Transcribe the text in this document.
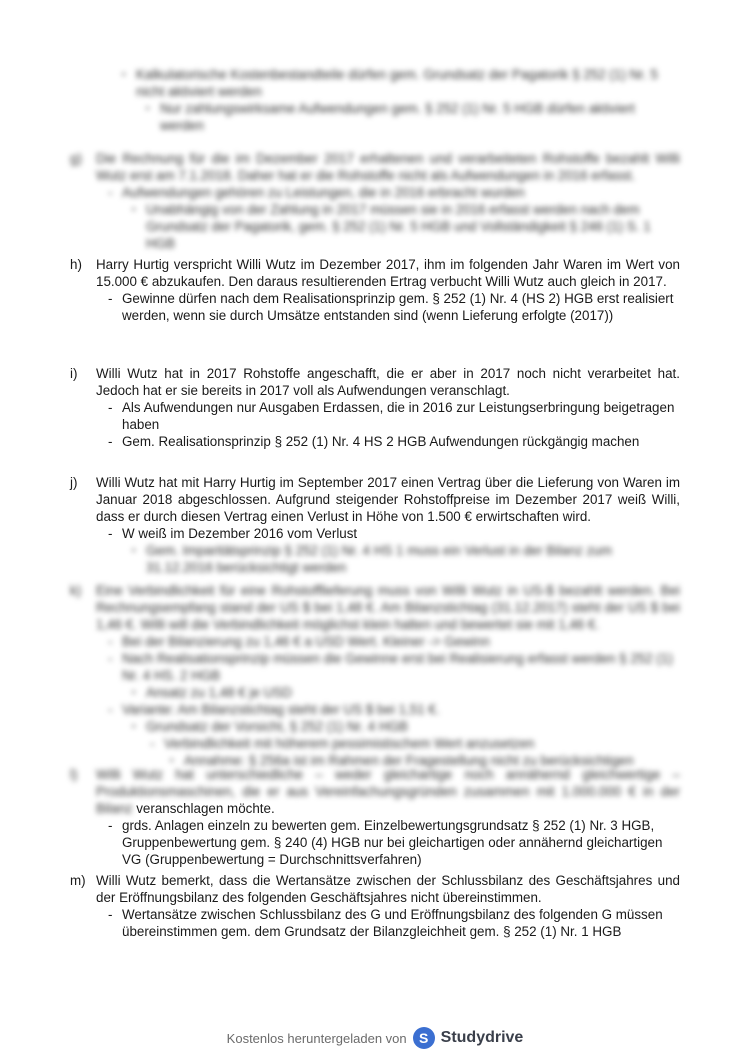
▪ Kalkulatorische Kostenbestandteile dürfen gem. Grundsatz der Pagatorik § 252 (1) Nr. 5 nicht aktiviert werden
▪ Nur zahlungswirksame Aufwendungen gem. § 252 (1) Nr. 5 HGB dürfen aktiviert werden
g)	Die Rechnung für die im Dezember 2017 erhaltenen und verarbeiteten Rohstoffe bezahlt Willi Wutz erst am 7.1.2018. Daher hat er die Rohstoffe nicht als Aufwendungen in 2016 erfasst.
- Aufwendungen gehören zu Leistungen, die in 2016 erbracht wurden
▪ Unabhängig von der Zahlung in 2017 müssen sie in 2016 erfasst werden nach dem Grundsatz der Pagatorik, gem. § 252 (1) Nr. 5 HGB und Vollständigkeit § 246 (1) S. 1 HGB
h)	Harry Hurtig verspricht Willi Wutz im Dezember 2017, ihm im folgenden Jahr Waren im Wert von 15.000 € abzukaufen. Den daraus resultierenden Ertrag verbucht Willi Wutz auch gleich in 2017.
- Gewinne dürfen nach dem Realisationsprinzip gem. § 252 (1) Nr. 4 (HS 2) HGB erst realisiert werden, wenn sie durch Umsätze entstanden sind (wenn Lieferung erfolgte (2017))
i)	Willi Wutz hat in 2017 Rohstoffe angeschafft, die er aber in 2017 noch nicht verarbeitet hat. Jedoch hat er sie bereits in 2017 voll als Aufwendungen veranschlagt.
- Als Aufwendungen nur Ausgaben Erdassen, die in 2016 zur Leistungserbringung beigetragen haben
- Gem. Realisationsprinzip § 252 (1) Nr. 4 HS 2 HGB Aufwendungen rückgängig machen
j)	Willi Wutz hat mit Harry Hurtig im September 2017 einen Vertrag über die Lieferung von Waren im Januar 2018 abgeschlossen. Aufgrund steigender Rohstoffpreise im Dezember 2017 weiß Willi, dass er durch diesen Vertrag einen Verlust in Höhe von 1.500 € erwirtschaften wird.
- W weiß im Dezember 2016 vom Verlust
▪ Gem. Imparitätsprinzip § 252 (1) Nr. 4 HS 1 muss ein Verlust in der Bilanz zum 31.12.2016 berücksichtigt werden
k)	Eine Verbindlichkeit für eine Rohstofflieferung muss von Willi Wutz in US-$ bezahlt werden. Bei Rechnungsempfang stand der US $ bei 1,48 €. Am Bilanzstichtag (31.12.2017) steht der US $ bei 1,46 €. Willi will die Verbindlichkeit möglichst klein halten und bewertet sie mit 1,46 €.
- Bei der Bilanzierung zu 1,46 € a USD Wert. Kleiner -> Gewinn
- Nach Realisationsprinzip müssen die Gewinne erst bei Realisierung erfasst werden § 252 (1) Nr. 4 HS. 2 HGB
▪ Ansatz zu 1,48 € je USD
- Variante: Am Bilanzstichtag steht der US $ bei 1,51 €.
▪ Grundsatz der Vorsicht, § 252 (1) Nr. 4 HGB
- Verbindlichkeit mit höherem pessimistischem Wert anzusetzen
▪ Annahme: § 256a ist im Rahmen der Fragestellung nicht zu berücksichtigen
l)	Willi Wutz hat unterschiedliche – weder gleichartige noch annähernd gleichwertige – Produktionsmaschinen, die er aus Vereinfachungsgründen zusammen mit 1.000.000 € in der Bilanz veranschlagen möchte.
- grds. Anlagen einzeln zu bewerten gem. Einzelbewertungsgrundsatz § 252 (1) Nr. 3 HGB, Gruppenbewertung gem. § 240 (4) HGB nur bei gleichartigen oder annähernd gleichartigen VG (Gruppenbewertung = Durchschnittsverfahren)
m) Willi Wutz bemerkt, dass die Wertansätze zwischen der Schlussbilanz des Geschäftsjahres und der Eröffnungsbilanz des folgenden Geschäftsjahres nicht übereinstimmen.
- Wertansätze zwischen Schlussbilanz des G und Eröffnungsbilanz des folgenden G müssen übereinstimmen gem. dem Grundsatz der Bilanzgleichheit gem. § 252 (1) Nr. 1 HGB
Kostenlos heruntergeladen von S Studydrive
